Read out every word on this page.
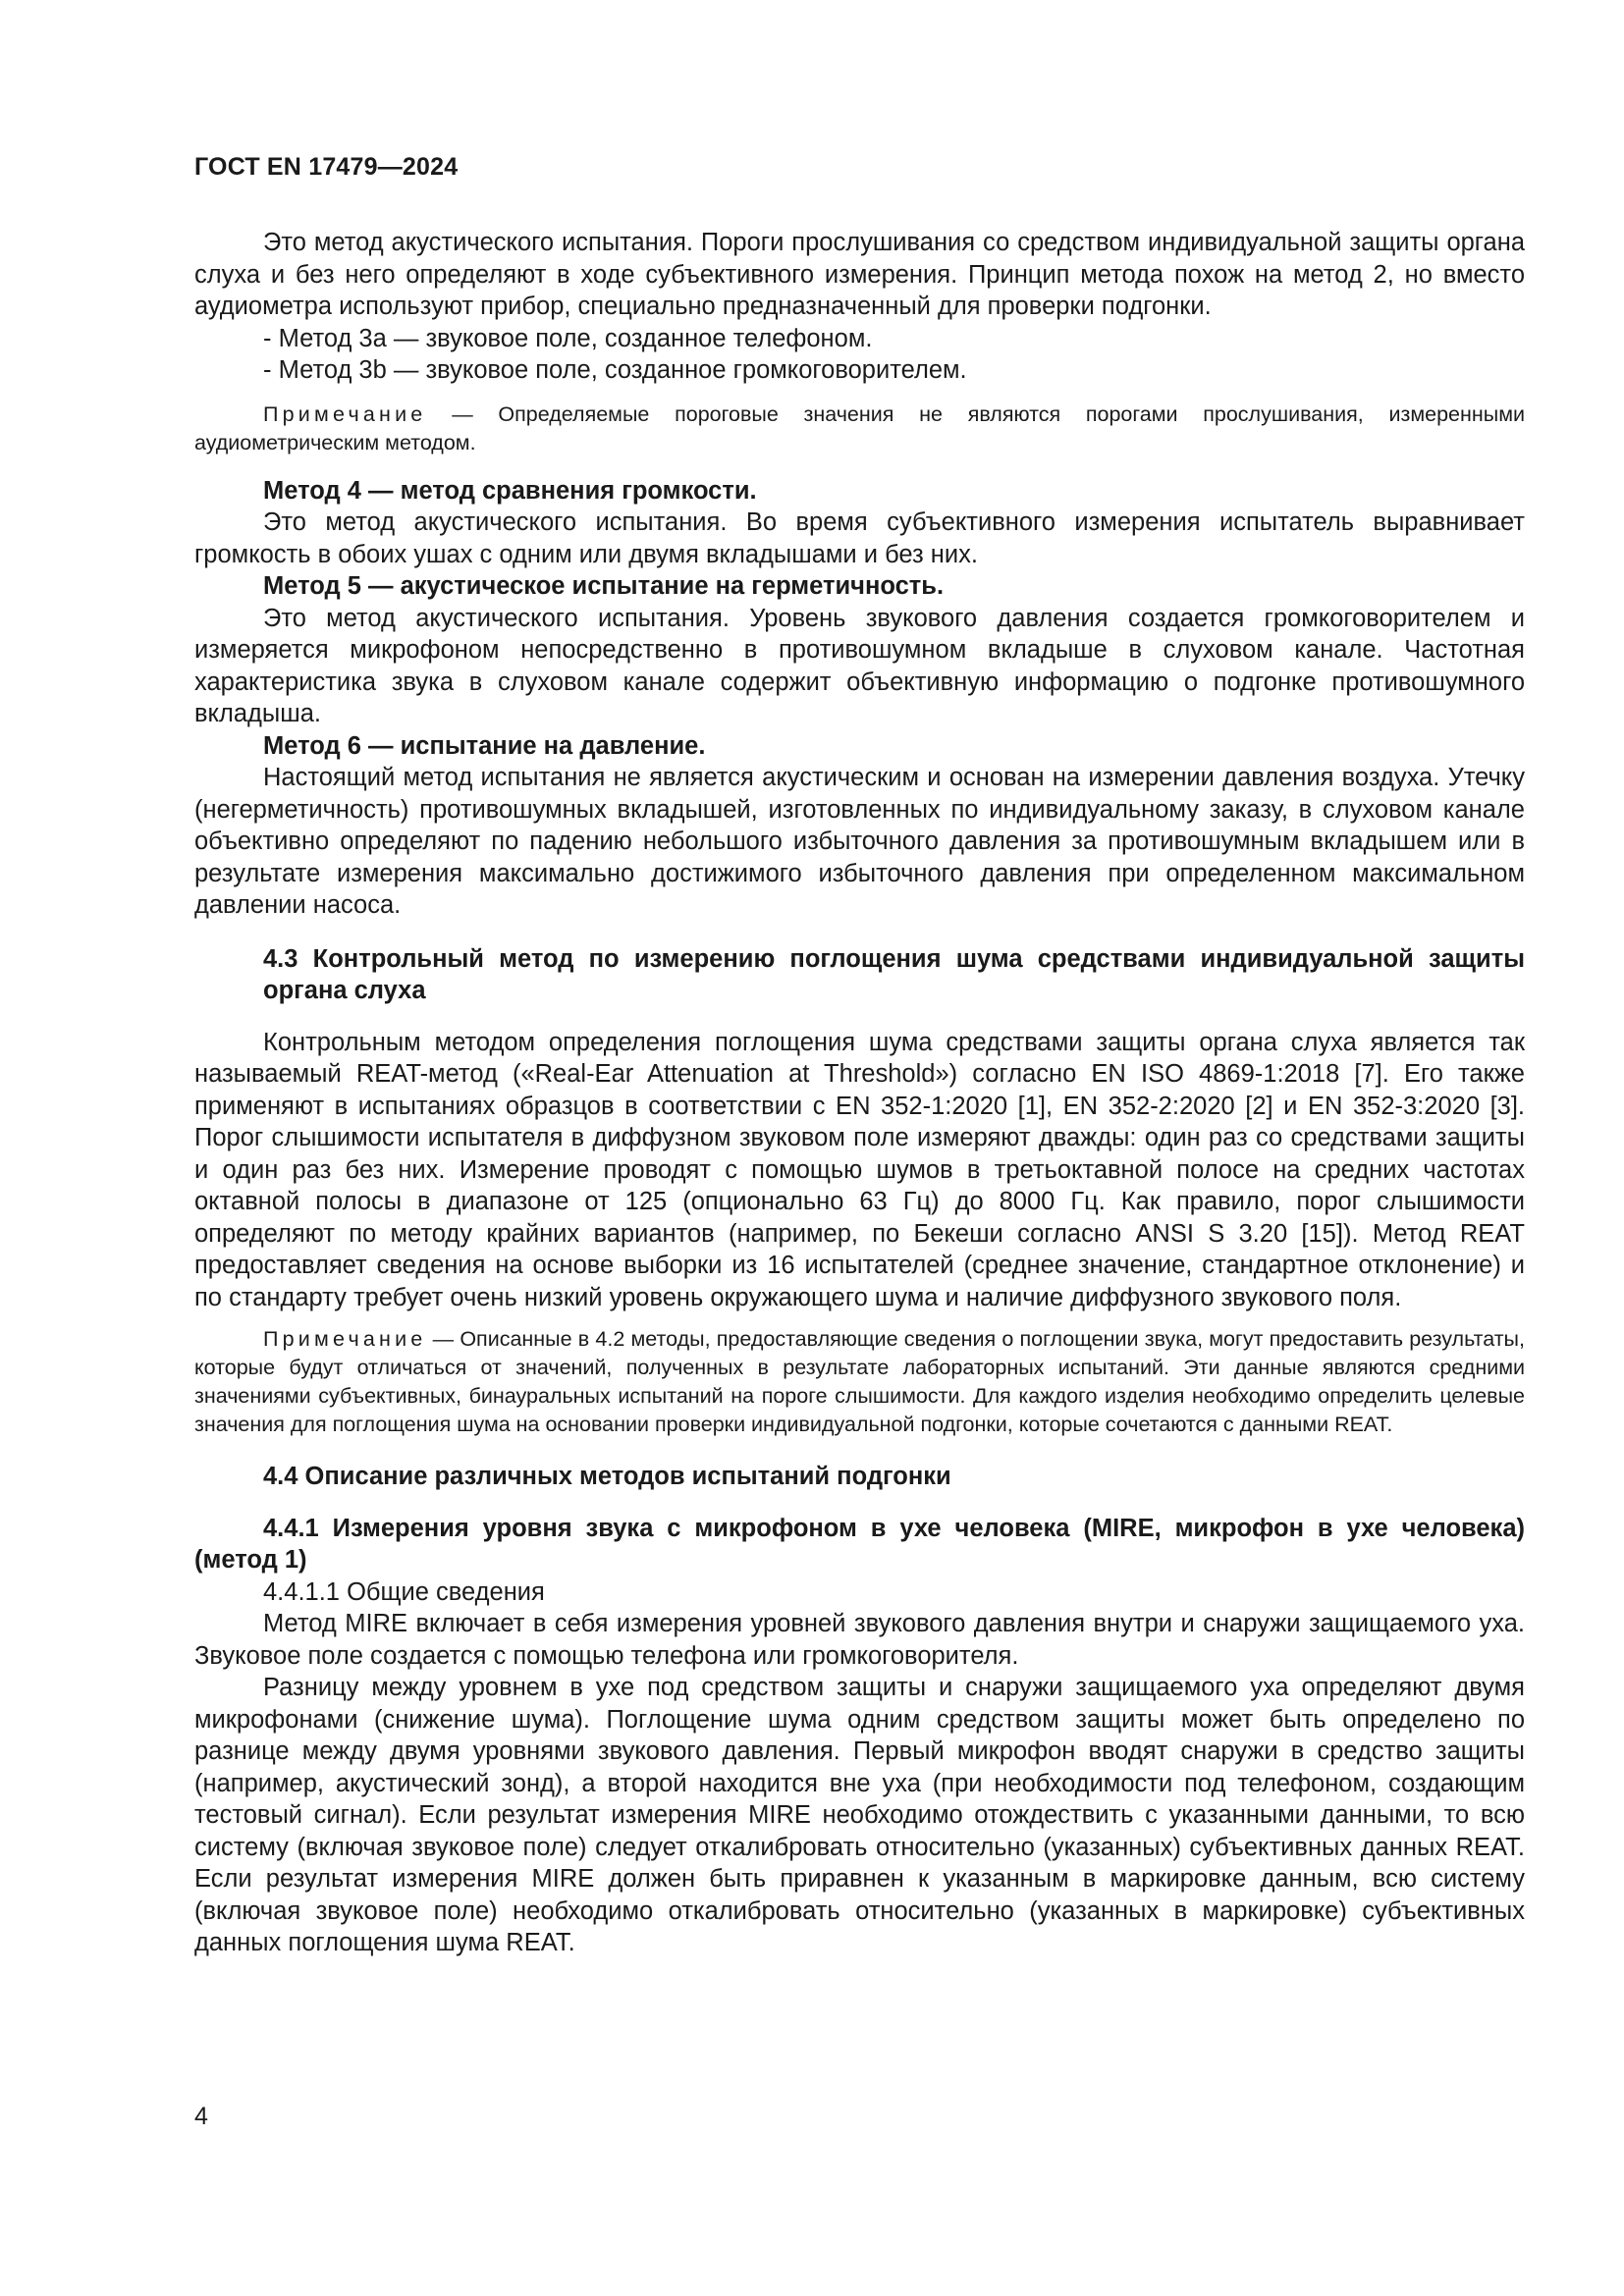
ГОСТ EN 17479—2024

Это метод акустического испытания. Пороги прослушивания со средством индивидуальной защиты органа слуха и без него определяют в ходе субъективного измерения. Принцип метода похож на метод 2, но вместо аудиометра используют прибор, специально предназначенный для проверки подгонки.

- Метод 3a — звуковое поле, созданное телефоном.

- Метод 3b — звуковое поле, созданное громкоговорителем.

Примечание — Определяемые пороговые значения не являются порогами прослушивания, измеренными аудиометрическим методом.

Метод 4 — метод сравнения громкости.

Это метод акустического испытания. Во время субъективного измерения испытатель выравнивает громкость в обоих ушах с одним или двумя вкладышами и без них.

Метод 5 — акустическое испытание на герметичность.

Это метод акустического испытания. Уровень звукового давления создается громкоговорителем и измеряется микрофоном непосредственно в противошумном вкладыше в слуховом канале. Частотная характеристика звука в слуховом канале содержит объективную информацию о подгонке противошумного вкладыша.

Метод 6 — испытание на давление.

Настоящий метод испытания не является акустическим и основан на измерении давления воздуха. Утечку (негерметичность) противошумных вкладышей, изготовленных по индивидуальному заказу, в слуховом канале объективно определяют по падению небольшого избыточного давления за противошумным вкладышем или в результате измерения максимально достижимого избыточного давления при определенном максимальном давлении насоса.

4.3 Контрольный метод по измерению поглощения шума средствами индивидуальной защиты органа слуха

Контрольным методом определения поглощения шума средствами защиты органа слуха является так называемый REAT-метод («Real-Ear Attenuation at Threshold») согласно EN ISO 4869-1:2018 [7]. Его также применяют в испытаниях образцов в соответствии с EN 352-1:2020 [1], EN 352-2:2020 [2] и EN 352-3:2020 [3]. Порог слышимости испытателя в диффузном звуковом поле измеряют дважды: один раз со средствами защиты и один раз без них. Измерение проводят с помощью шумов в третьоктавной полосе на средних частотах октавной полосы в диапазоне от 125 (опционально 63 Гц) до 8000 Гц. Как правило, порог слышимости определяют по методу крайних вариантов (например, по Бекеши согласно ANSI S 3.20 [15]). Метод REAT предоставляет сведения на основе выборки из 16 испытателей (среднее значение, стандартное отклонение) и по стандарту требует очень низкий уровень окружающего шума и наличие диффузного звукового поля.

Примечание — Описанные в 4.2 методы, предоставляющие сведения о поглощении звука, могут предоставить результаты, которые будут отличаться от значений, полученных в результате лабораторных испытаний. Эти данные являются средними значениями субъективных, бинауральных испытаний на пороге слышимости. Для каждого изделия необходимо определить целевые значения для поглощения шума на основании проверки индивидуальной подгонки, которые сочетаются с данными REAT.

4.4 Описание различных методов испытаний подгонки

4.4.1 Измерения уровня звука с микрофоном в ухе человека (MIRE, микрофон в ухе человека) (метод 1)

4.4.1.1 Общие сведения

Метод MIRE включает в себя измерения уровней звукового давления внутри и снаружи защищаемого уха. Звуковое поле создается с помощью телефона или громкоговорителя.

Разницу между уровнем в ухе под средством защиты и снаружи защищаемого уха определяют двумя микрофонами (снижение шума). Поглощение шума одним средством защиты может быть определено по разнице между двумя уровнями звукового давления. Первый микрофон вводят снаружи в средство защиты (например, акустический зонд), а второй находится вне уха (при необходимости под телефоном, создающим тестовый сигнал). Если результат измерения MIRE необходимо отождествить с указанными данными, то всю систему (включая звуковое поле) следует откалибровать относительно (указанных) субъективных данных REAT. Если результат измерения MIRE должен быть приравнен к указанным в маркировке данным, всю систему (включая звуковое поле) необходимо откалибровать относительно (указанных в маркировке) субъективных данных поглощения шума REAT.

4
